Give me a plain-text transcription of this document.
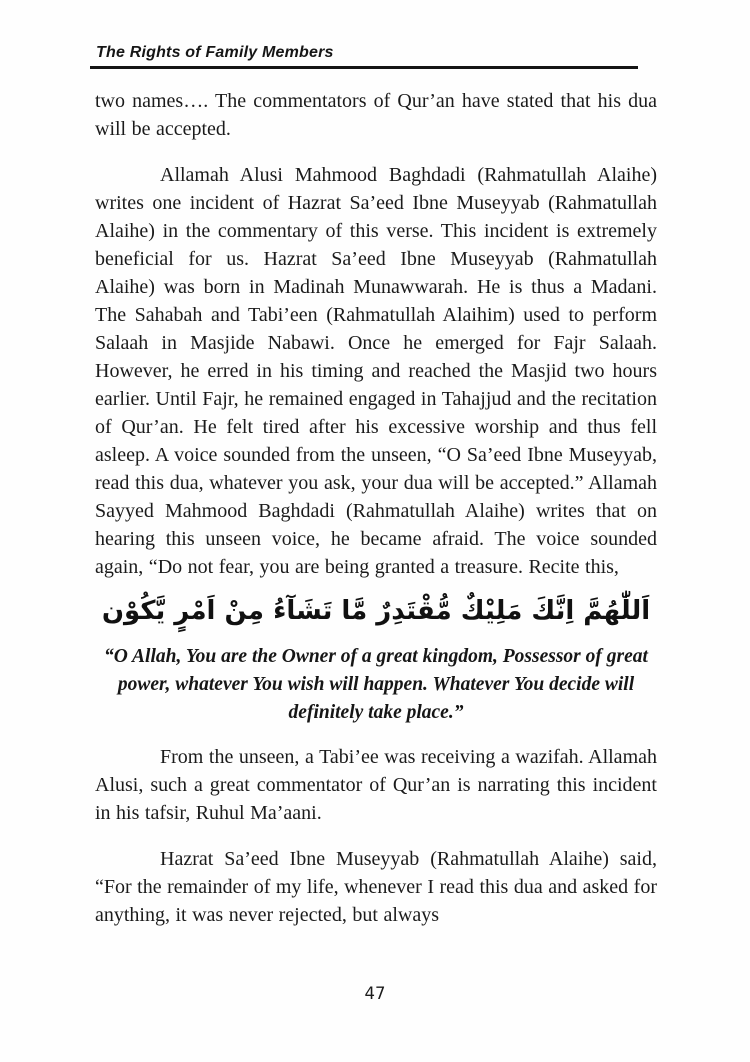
The Rights of Family Members

two names…. The commentators of Qur’an have stated that his dua will be accepted.

Allamah Alusi Mahmood Baghdadi (Rahmatullah Alaihe) writes one incident of Hazrat Sa’eed Ibne Museyyab (Rahmatullah Alaihe) in the commentary of this verse. This incident is extremely beneficial for us. Hazrat Sa’eed Ibne Museyyab (Rahmatullah Alaihe) was born in Madinah Munawwarah. He is thus a Madani. The Sahabah and Tabi’een (Rahmatullah Alaihim) used to perform Salaah in Masjide Nabawi. Once he emerged for Fajr Salaah. However, he erred in his timing and reached the Masjid two hours earlier. Until Fajr, he remained engaged in Tahajjud and the recitation of Qur’an. He felt tired after his excessive worship and thus fell asleep. A voice sounded from the unseen, “O Sa’eed Ibne Museyyab, read this dua, whatever you ask, your dua will be accepted.” Allamah Sayyed Mahmood Baghdadi (Rahmatullah Alaihe) writes that on hearing this unseen voice, he became afraid. The voice sounded again, “Do not fear, you are being granted a treasure. Recite this,

اَللّٰهُمَّ اِنَّكَ مَلِيْكٌ مُّقْتَدِرٌ مَّا تَشَآءُ مِنْ اَمْرٍ يَّكُوْن
“O Allah, You are the Owner of a great kingdom, Possessor of great power, whatever You wish will happen. Whatever You decide will definitely take place.”

From the unseen, a Tabi’ee was receiving a wazifah. Allamah Alusi, such a great commentator of Qur’an is narrating this incident in his tafsir, Ruhul Ma’aani.

Hazrat Sa’eed Ibne Museyyab (Rahmatullah Alaihe) said, “For the remainder of my life, whenever I read this dua and asked for anything, it was never rejected, but always

47
